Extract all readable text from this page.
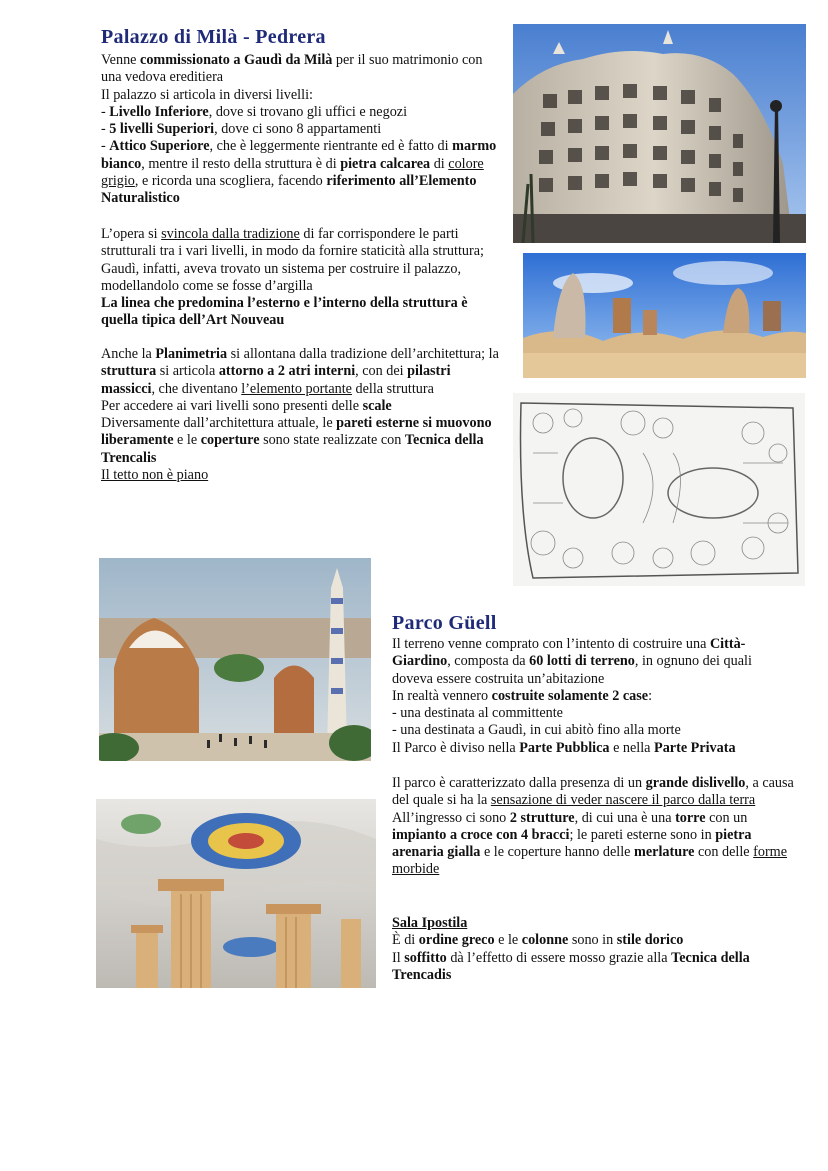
Palazzo di Milà - Pedrera

Venne commissionato a Gaudì da Milà per il suo matrimonio con una vedova ereditiera

Il palazzo si articola in diversi livelli:

- Livello Inferiore, dove si trovano gli uffici e negozi

- 5 livelli Superiori, dove ci sono 8 appartamenti

- Attico Superiore, che è leggermente rientrante ed è fatto di marmo bianco, mentre il resto della struttura è di pietra calcarea di colore grigio, e ricorda una scogliera, facendo riferimento all’Elemento Naturalistico

L’opera si svincola dalla tradizione di far corrispondere le parti strutturali tra i vari livelli, in modo da fornire staticità alla struttura; Gaudì, infatti, aveva trovato un sistema per costruire il palazzo, modellandolo come se fosse d’argilla

La linea che predomina l’esterno e l’interno della struttura è quella tipica dell’Art Nouveau

Anche la Planimetria si allontana dalla tradizione dell’architettura; la struttura si articola attorno a 2 atri interni, con dei pilastri massicci, che diventano l’elemento portante della struttura

Per accedere ai vari livelli sono presenti delle scale

Diversamente dall’architettura attuale, le pareti esterne si muovono liberamente e le coperture sono state realizzate con Tecnica della Trencalis

Il tetto non è piano

Parco Güell

Il terreno venne comprato con l’intento di costruire una Città-Giardino, composta da 60 lotti di terreno, in ognuno dei quali doveva essere costruita un’abitazione

In realtà vennero costruite solamente 2 case:

- una destinata al committente

- una destinata a Gaudì, in cui abitò fino alla morte

Il Parco è diviso nella Parte Pubblica e nella Parte Privata

Il parco è caratterizzato dalla presenza di un grande dislivello, a causa del quale si ha la sensazione di veder nascere il parco dalla terra

All’ingresso ci sono 2 strutture, di cui una è una torre con un impianto a croce con 4 bracci; le pareti esterne sono in pietra arenaria gialla e le coperture hanno delle merlature con delle forme morbide

Sala Ipostila

È di ordine greco e le colonne sono in stile dorico

Il soffitto dà l’effetto di essere mosso grazie alla Tecnica della Trencadis
